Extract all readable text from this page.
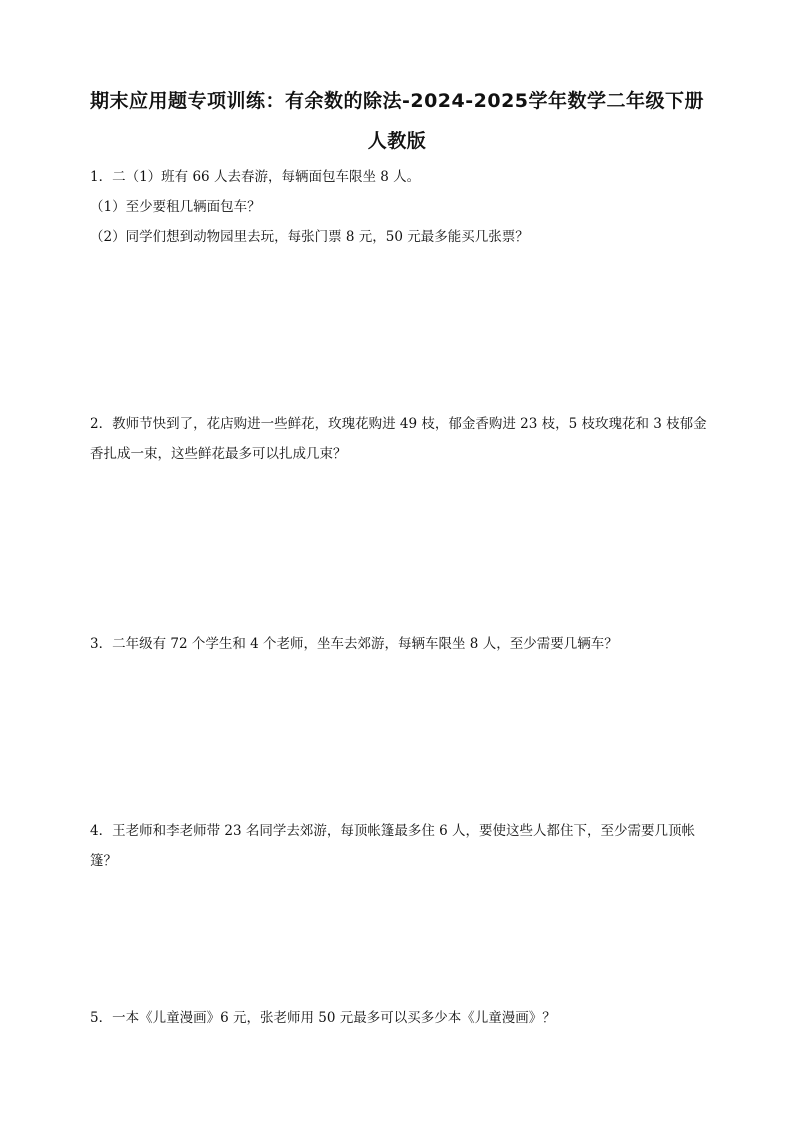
期末应用题专项训练：有余数的除法-2024-2025学年数学二年级下册
人教版
1．二（1）班有 66 人去春游，每辆面包车限坐 8 人。
（1）至少要租几辆面包车？
（2）同学们想到动物园里去玩，每张门票 8 元，50 元最多能买几张票？
2．教师节快到了，花店购进一些鲜花，玫瑰花购进 49 枝，郁金香购进 23 枝，5 枝玫瑰花和 3 枝郁金香扎成一束，这些鲜花最多可以扎成几束？
3．二年级有 72 个学生和 4 个老师，坐车去郊游，每辆车限坐 8 人，至少需要几辆车？
4．王老师和李老师带 23 名同学去郊游，每顶帐篷最多住 6 人，要使这些人都住下，至少需要几顶帐篷？
5．一本《儿童漫画》6 元，张老师用 50 元最多可以买多少本《儿童漫画》？
